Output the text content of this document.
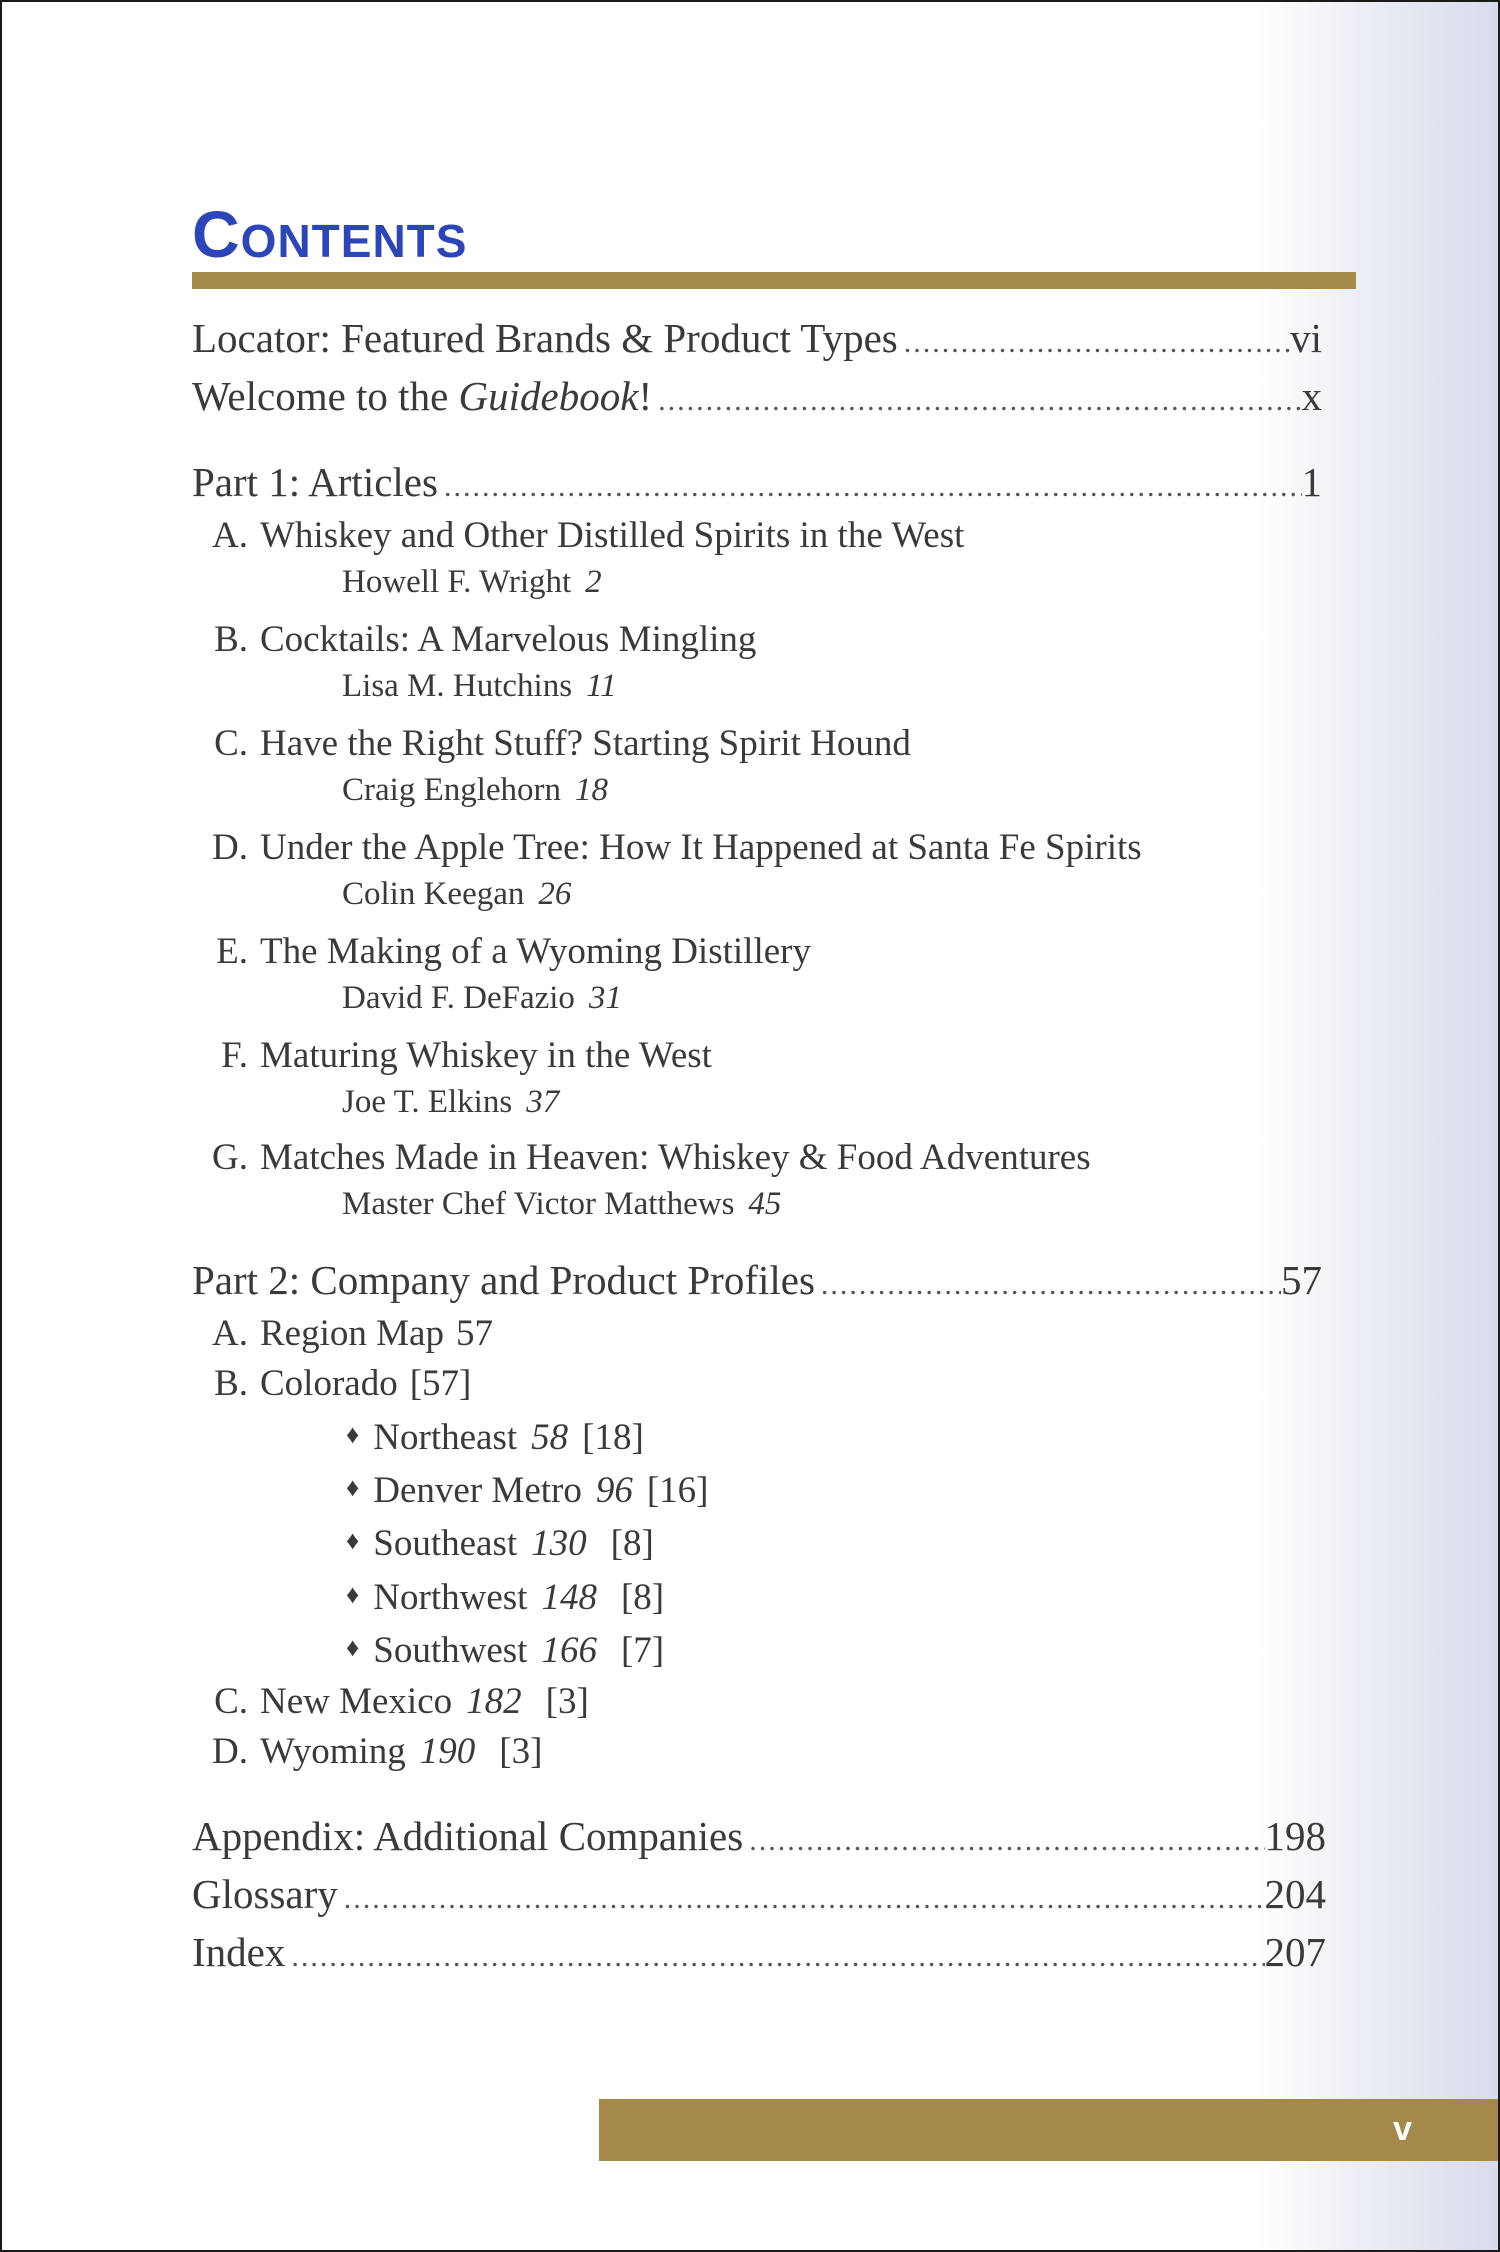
Contents
Locator: Featured Brands & Product Types .....	vi
Welcome to the Guidebook! .....	x
Part 1: Articles .....	1
A. Whiskey and Other Distilled Spirits in the West
Howell F. Wright 2
B. Cocktails: A Marvelous Mingling
Lisa M. Hutchins 11
C. Have the Right Stuff? Starting Spirit Hound
Craig Englehorn 18
D. Under the Apple Tree: How It Happened at Santa Fe Spirits
Colin Keegan 26
E. The Making of a Wyoming Distillery
David F. DeFazio 31
F. Maturing Whiskey in the West
Joe T. Elkins 37
G. Matches Made in Heaven: Whiskey & Food Adventures
Master Chef Victor Matthews 45
Part 2: Company and Product Profiles .....	57
A. Region Map 57
B. Colorado [57]
♦ Northeast 58 [18]
♦ Denver Metro 96 [16]
♦ Southeast 130 [8]
♦ Northwest 148 [8]
♦ Southwest 166 [7]
C. New Mexico 182 [3]
D. Wyoming 190 [3]
Appendix: Additional Companies .....	198
Glossary .....	204
Index .....	207
v
